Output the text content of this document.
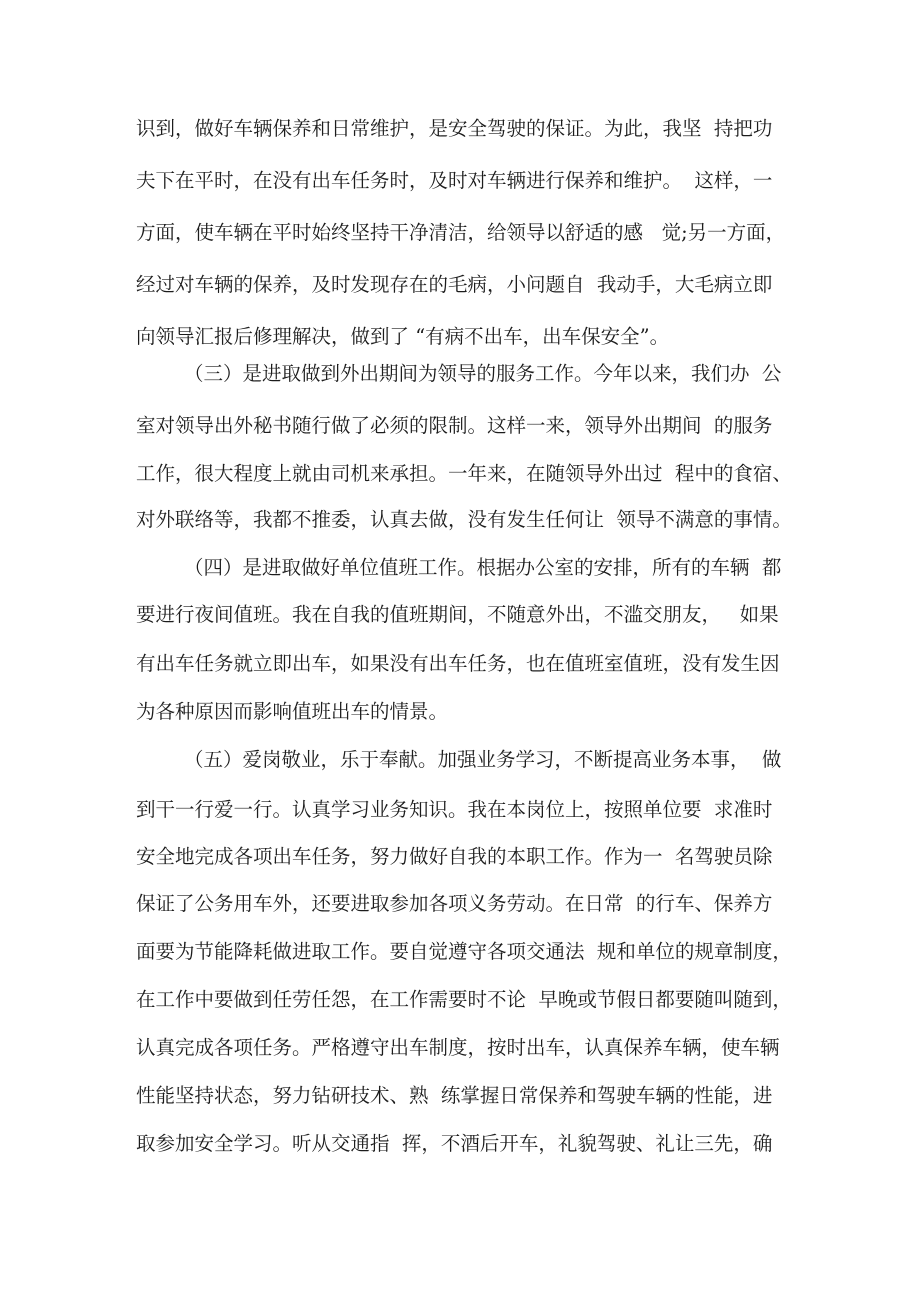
识到，做好车辆保养和日常维护，是安全驾驶的保证。为此，我坚  持把功
夫下在平时，在没有出车任务时，及时对车辆进行保养和维护。  这样，一
方面，使车辆在平时始终坚持干净清洁，给领导以舒适的感   觉;另一方面，
经过对车辆的保养，及时发现存在的毛病，小问题自  我动手，大毛病立即
向领导汇报后修理解决，做到了 “有病不出车，出车保安全”。
（三）是进取做到外出期间为领导的服务工作。今年以来，我们办  公
室对领导出外秘书随行做了必须的限制。这样一来，领导外出期间  的服务
工作，很大程度上就由司机来承担。一年来，在随领导外出过  程中的食宿、
对外联络等，我都不推委，认真去做，没有发生任何让  领导不满意的事情。
（四）是进取做好单位值班工作。根据办公室的安排，所有的车辆  都
要进行夜间值班。我在自我的值班期间，不随意外出，不滥交朋友，   如果
有出车任务就立即出车，如果没有出车任务，也在值班室值班，没有发生因
为各种原因而影响值班出车的情景。
（五）爱岗敬业，乐于奉献。加强业务学习，不断提高业务本事，  做
到干一行爱一行。认真学习业务知识。我在本岗位上，按照单位要  求准时
安全地完成各项出车任务，努力做好自我的本职工作。作为一  名驾驶员除
保证了公务用车外，还要进取参加各项义务劳动。在日常  的行车、保养方
面要为节能降耗做进取工作。要自觉遵守各项交通法  规和单位的规章制度，
在工作中要做到任劳任怨，在工作需要时不论  早晚或节假日都要随叫随到，
认真完成各项任务。严格遵守出车制度，按时出车，认真保养车辆，使车辆
性能坚持状态，努力钻研技术、熟  练掌握日常保养和驾驶车辆的性能，进
取参加安全学习。听从交通指  挥，不酒后开车，礼貌驾驶、礼让三先，确
